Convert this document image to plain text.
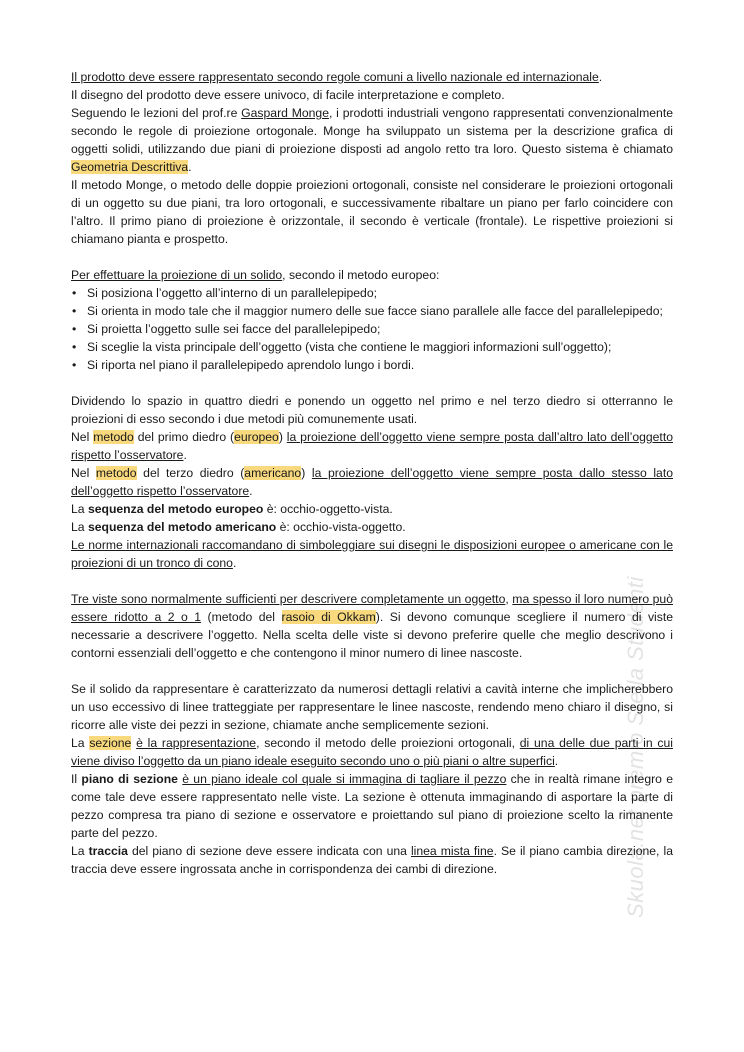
Skuola.net premio Stella Studenti

Il prodotto deve essere rappresentato secondo regole comuni a livello nazionale ed internazionale.

Il disegno del prodotto deve essere univoco, di facile interpretazione e completo.

Seguendo le lezioni del prof.re Gaspard Monge, i prodotti industriali vengono rappresentati convenzionalmente secondo le regole di proiezione ortogonale. Monge ha sviluppato un sistema per la descrizione grafica di oggetti solidi, utilizzando due piani di proiezione disposti ad angolo retto tra loro. Questo sistema è chiamato Geometria Descrittiva.

Il metodo Monge, o metodo delle doppie proiezioni ortogonali, consiste nel considerare le proiezioni ortogonali di un oggetto su due piani, tra loro ortogonali, e successivamente ribaltare un piano per farlo coincidere con l’altro. Il primo piano di proiezione è orizzontale, il secondo è verticale (frontale). Le rispettive proiezioni si chiamano pianta e prospetto.

Per effettuare la proiezione di un solido, secondo il metodo europeo:

• Si posiziona l’oggetto all’interno di un parallelepipedo;
• Si orienta in modo tale che il maggior numero delle sue facce siano parallele alle facce del parallelepipedo;
• Si proietta l’oggetto sulle sei facce del parallelepipedo;
• Si sceglie la vista principale dell’oggetto (vista che contiene le maggiori informazioni sull’oggetto);
• Si riporta nel piano il parallelepipedo aprendolo lungo i bordi.

Dividendo lo spazio in quattro diedri e ponendo un oggetto nel primo e nel terzo diedro si otterranno le proiezioni di esso secondo i due metodi più comunemente usati.

Nel metodo del primo diedro (europeo) la proiezione dell’oggetto viene sempre posta dall’altro lato dell’oggetto rispetto l’osservatore.

Nel metodo del terzo diedro (americano) la proiezione dell’oggetto viene sempre posta dallo stesso lato dell’oggetto rispetto l’osservatore.

La sequenza del metodo europeo è: occhio-oggetto-vista.

La sequenza del metodo americano è: occhio-vista-oggetto.

Le norme internazionali raccomandano di simboleggiare sui disegni le disposizioni europee o americane con le proiezioni di un tronco di cono.

Tre viste sono normalmente sufficienti per descrivere completamente un oggetto, ma spesso il loro numero può essere ridotto a 2 o 1 (metodo del rasoio di Okkam). Si devono comunque scegliere il numero di viste necessarie a descrivere l’oggetto. Nella scelta delle viste si devono preferire quelle che meglio descrivono i contorni essenziali dell’oggetto e che contengono il minor numero di linee nascoste.

Se il solido da rappresentare è caratterizzato da numerosi dettagli relativi a cavità interne che implicherebbero un uso eccessivo di linee tratteggiate per rappresentare le linee nascoste, rendendo meno chiaro il disegno, si ricorre alle viste dei pezzi in sezione, chiamate anche semplicemente sezioni.

La sezione è la rappresentazione, secondo il metodo delle proiezioni ortogonali, di una delle due parti in cui viene diviso l’oggetto da un piano ideale eseguito secondo uno o più piani o altre superfici.

Il piano di sezione è un piano ideale col quale si immagina di tagliare il pezzo che in realtà rimane integro e come tale deve essere rappresentato nelle viste. La sezione è ottenuta immaginando di asportare la parte di pezzo compresa tra piano di sezione e osservatore e proiettando sul piano di proiezione scelto la rimanente parte del pezzo.

La traccia del piano di sezione deve essere indicata con una linea mista fine. Se il piano cambia direzione, la traccia deve essere ingrossata anche in corrispondenza dei cambi di direzione.
